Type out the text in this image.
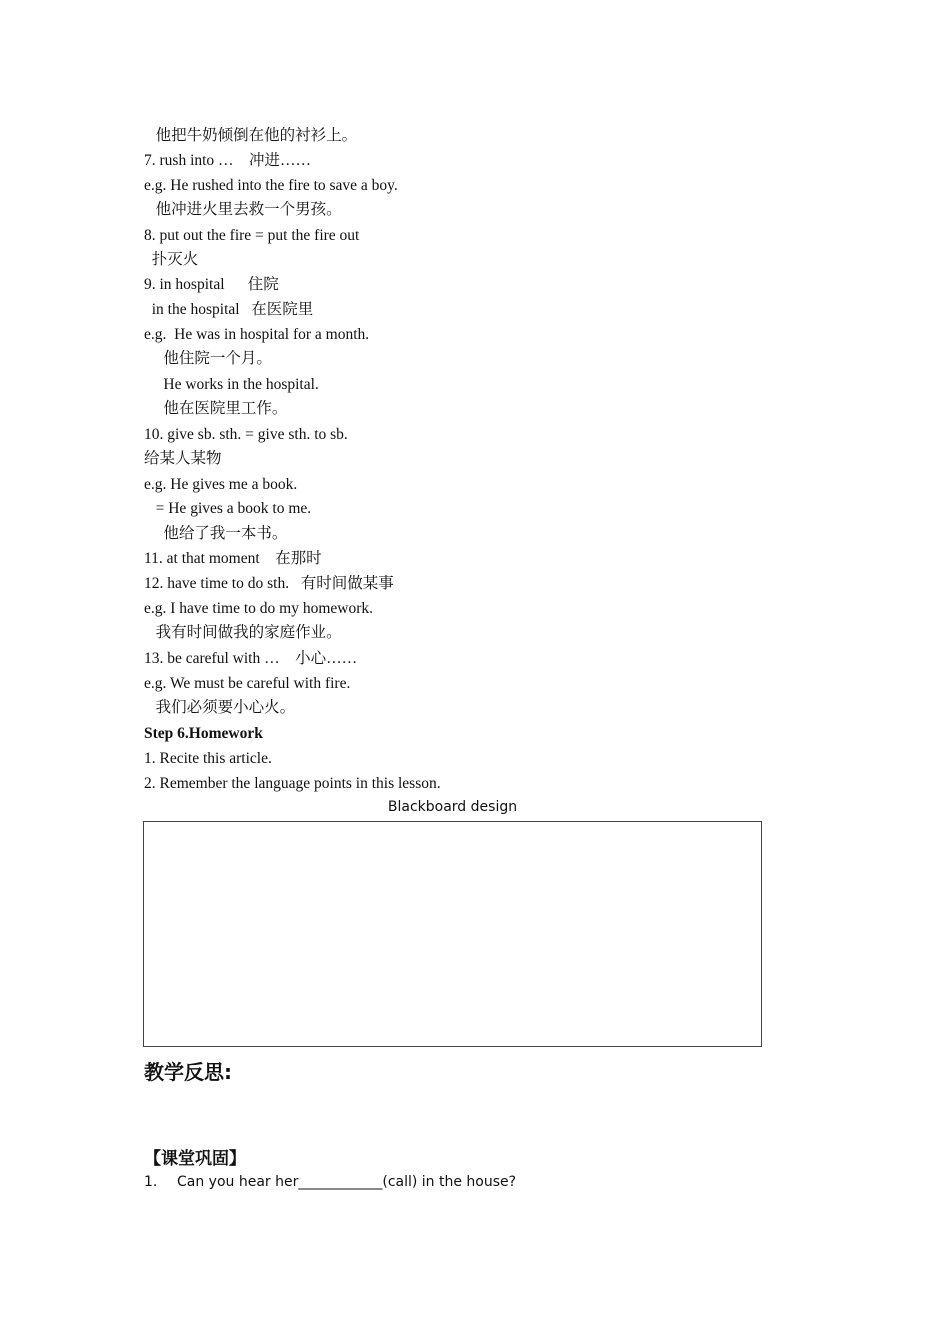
他把牛奶倾倒在他的衬衫上。
7. rush into …    冲进……
e.g. He rushed into the fire to save a boy.
他冲进火里去救一个男孩。
8. put out the fire = put the fire out
扑灭火
9. in hospital      住院
in the hospital   在医院里
e.g.  He was in hospital for a month.
他住院一个月。
He works in the hospital.
他在医院里工作。
10. give sb. sth. = give sth. to sb.
给某人某物
e.g. He gives me a book.
= He gives a book to me.
他给了我一本书。
11. at that moment    在那时
12. have time to do sth.   有时间做某事
e.g. I have time to do my homework.
我有时间做我的家庭作业。
13. be careful with …    小心……
e.g. We must be careful with fire.
我们必须要小心火。
Step 6.Homework
1. Recite this article.
2. Remember the language points in this lesson.
Blackboard design
教学反思:
【课堂巩固】
1. Can you hear her____________(call) in the house?
